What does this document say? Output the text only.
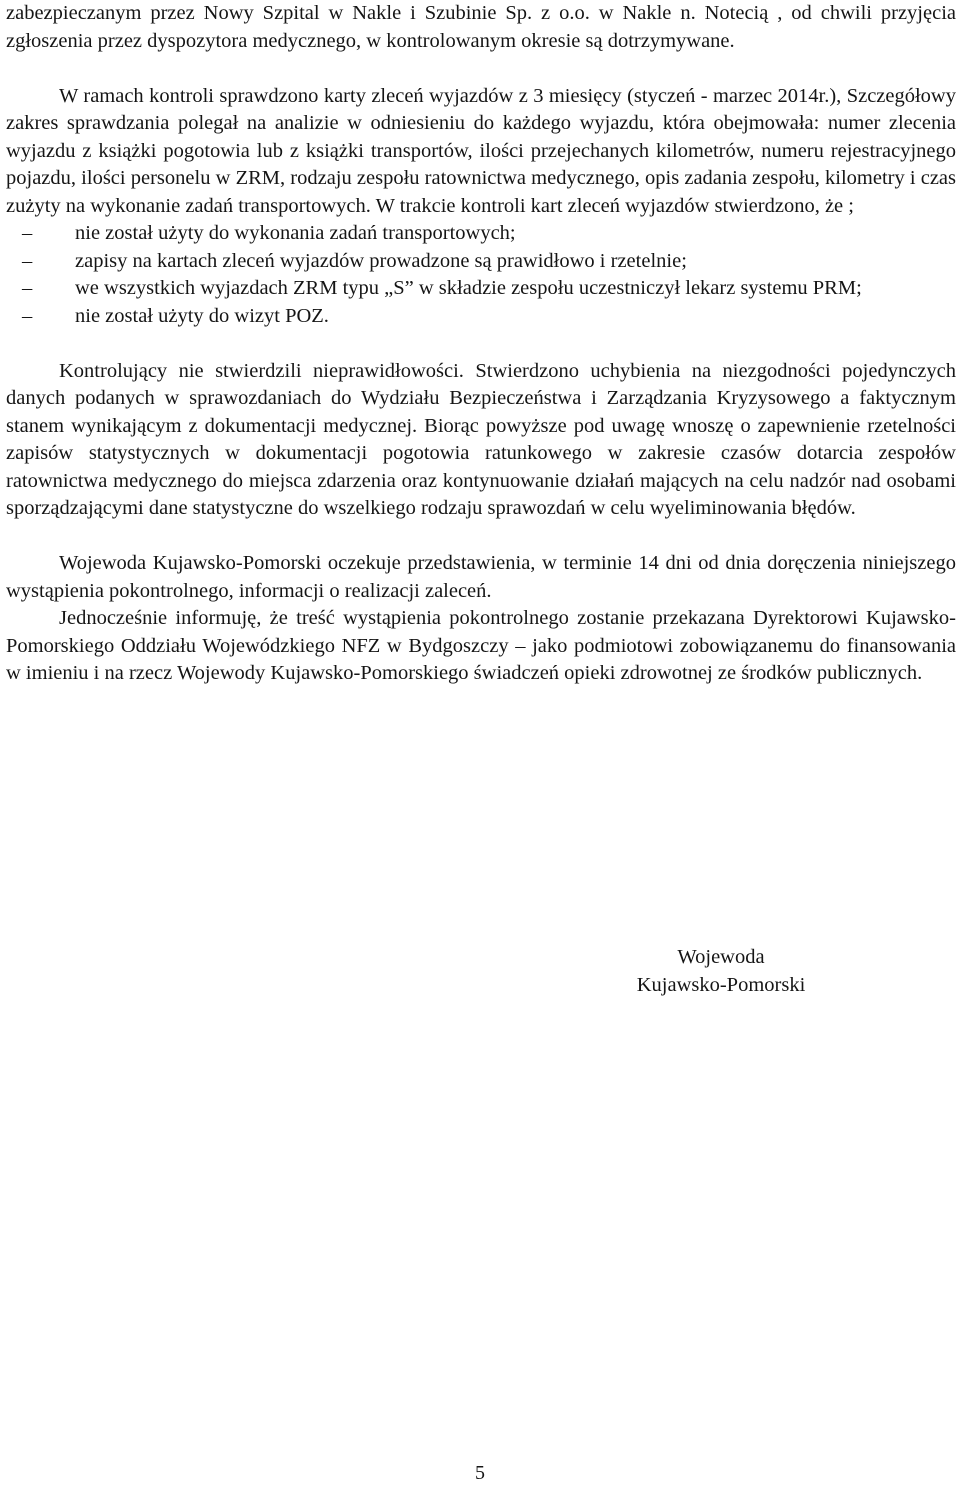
zabezpieczanym przez Nowy Szpital w Nakle i Szubinie Sp. z o.o. w Nakle n. Notecią , od chwili przyjęcia zgłoszenia przez dyspozytora medycznego, w kontrolowanym okresie są dotrzymywane.

W ramach kontroli sprawdzono karty zleceń wyjazdów z 3 miesięcy (styczeń - marzec 2014r.), Szczegółowy zakres sprawdzania polegał na analizie w odniesieniu do każdego wyjazdu, która obejmowała: numer zlecenia wyjazdu z książki pogotowia lub z książki transportów, ilości przejechanych kilometrów, numeru rejestracyjnego pojazdu, ilości personelu w ZRM, rodzaju zespołu ratownictwa medycznego, opis zadania zespołu, kilometry i czas zużyty na wykonanie zadań transportowych. W trakcie kontroli kart zleceń wyjazdów stwierdzono, że ;

– nie został użyty do wykonania zadań transportowych;
– zapisy na kartach zleceń wyjazdów prowadzone są prawidłowo i rzetelnie;
– we wszystkich wyjazdach ZRM typu „S” w składzie zespołu uczestniczył lekarz systemu PRM;
– nie został użyty do wizyt POZ.

Kontrolujący nie stwierdzili nieprawidłowości. Stwierdzono uchybienia na niezgodności pojedynczych danych podanych w sprawozdaniach do Wydziału Bezpieczeństwa i Zarządzania Kryzysowego a faktycznym stanem wynikającym z dokumentacji medycznej. Biorąc powyższe pod uwagę wnoszę o zapewnienie rzetelności zapisów statystycznych w dokumentacji pogotowia ratunkowego w zakresie czasów dotarcia zespołów ratownictwa medycznego do miejsca zdarzenia oraz kontynuowanie działań mających na celu nadzór nad osobami sporządzającymi dane statystyczne do wszelkiego rodzaju sprawozdań w celu wyeliminowania błędów.

Wojewoda Kujawsko-Pomorski oczekuje przedstawienia, w terminie 14 dni od dnia doręczenia niniejszego wystąpienia pokontrolnego, informacji o realizacji zaleceń.

Jednocześnie informuję, że treść wystąpienia pokontrolnego zostanie przekazana Dyrektorowi Kujawsko-Pomorskiego Oddziału Wojewódzkiego NFZ w Bydgoszczy – jako podmiotowi zobowiązanemu do finansowania w imieniu i na rzecz Wojewody Kujawsko-Pomorskiego świadczeń opieki zdrowotnej ze środków publicznych.

Wojewoda
Kujawsko-Pomorski
5
